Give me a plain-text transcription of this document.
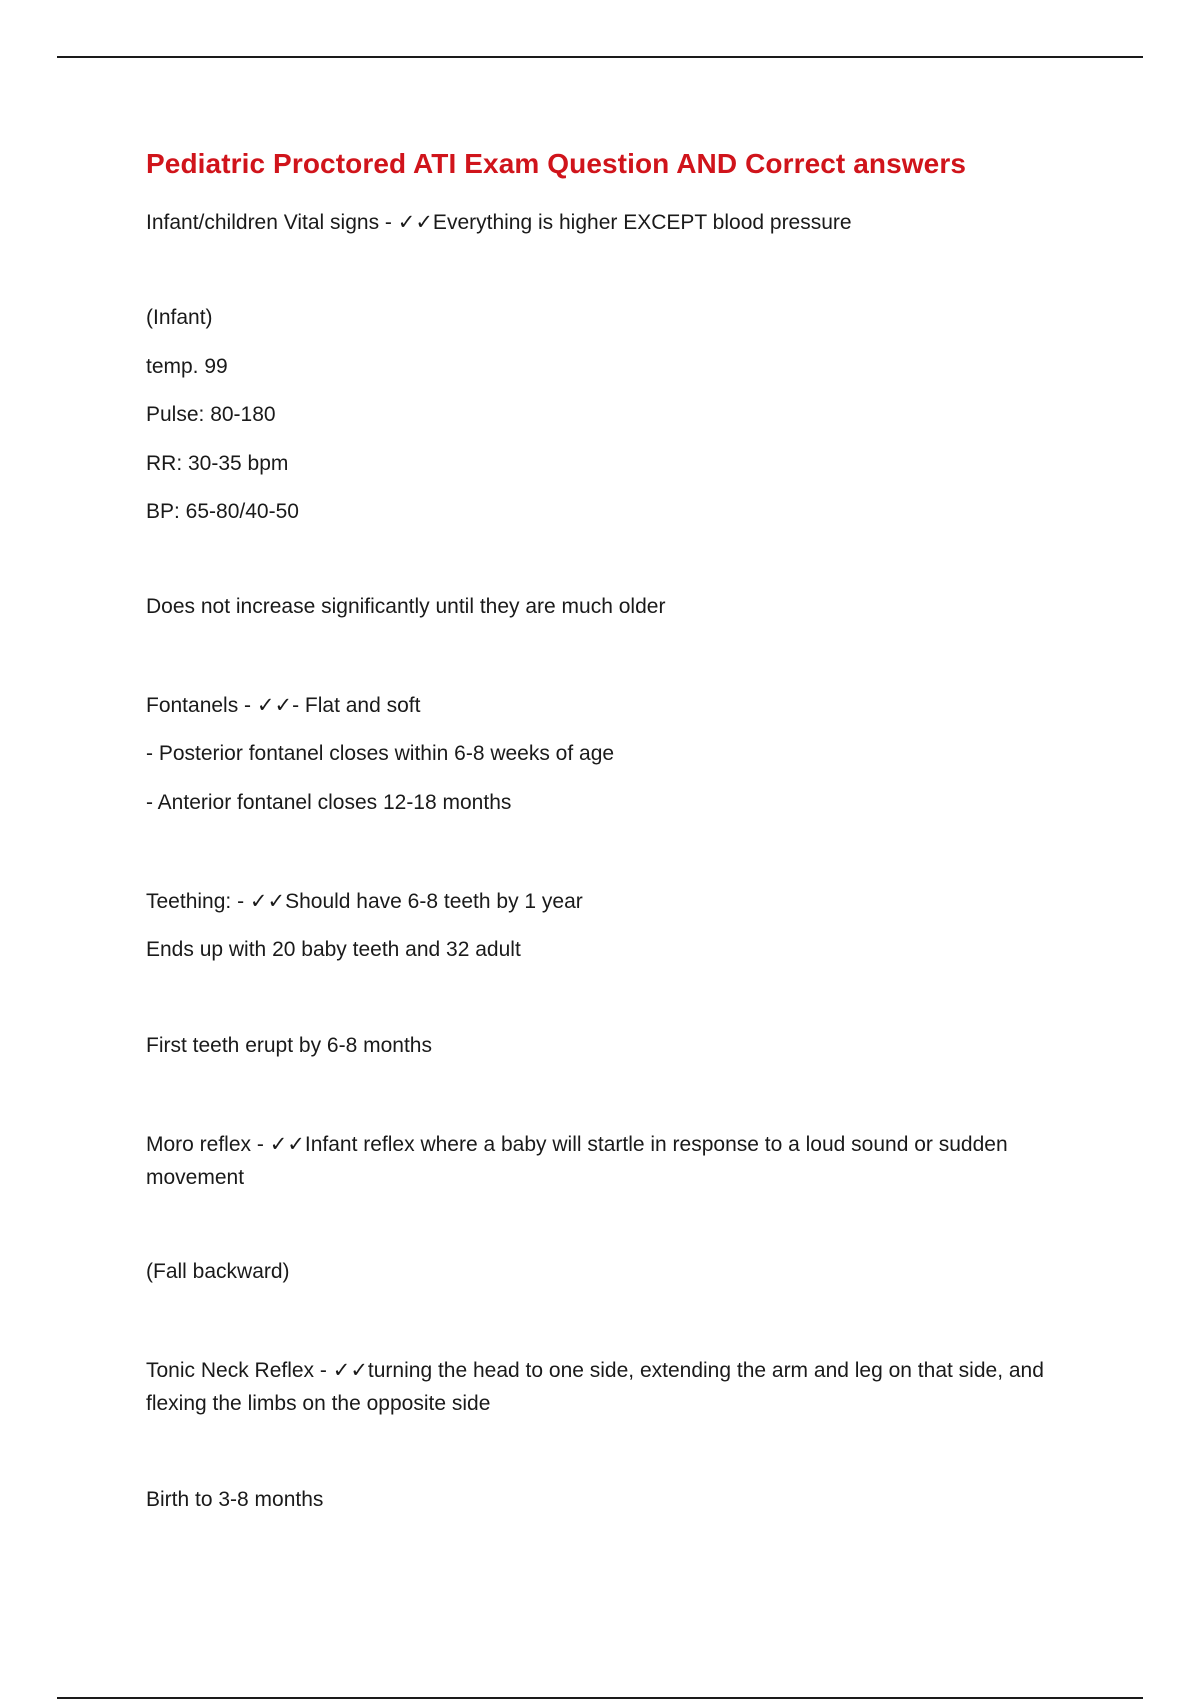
Pediatric Proctored ATI Exam Question AND Correct answers

Infant/children Vital signs - ✓✓Everything is higher EXCEPT blood pressure

(Infant)

temp. 99

Pulse: 80-180

RR: 30-35 bpm

BP: 65-80/40-50

Does not increase significantly until they are much older

Fontanels - ✓✓- Flat and soft

- Posterior fontanel closes within 6-8 weeks of age

- Anterior fontanel closes 12-18 months

Teething: - ✓✓Should have 6-8 teeth by 1 year

Ends up with 20 baby teeth and 32 adult

First teeth erupt by 6-8 months

Moro reflex - ✓✓Infant reflex where a baby will startle in response to a loud sound or sudden movement

(Fall backward)

Tonic Neck Reflex - ✓✓turning the head to one side, extending the arm and leg on that side, and flexing the limbs on the opposite side

Birth to 3-8 months
